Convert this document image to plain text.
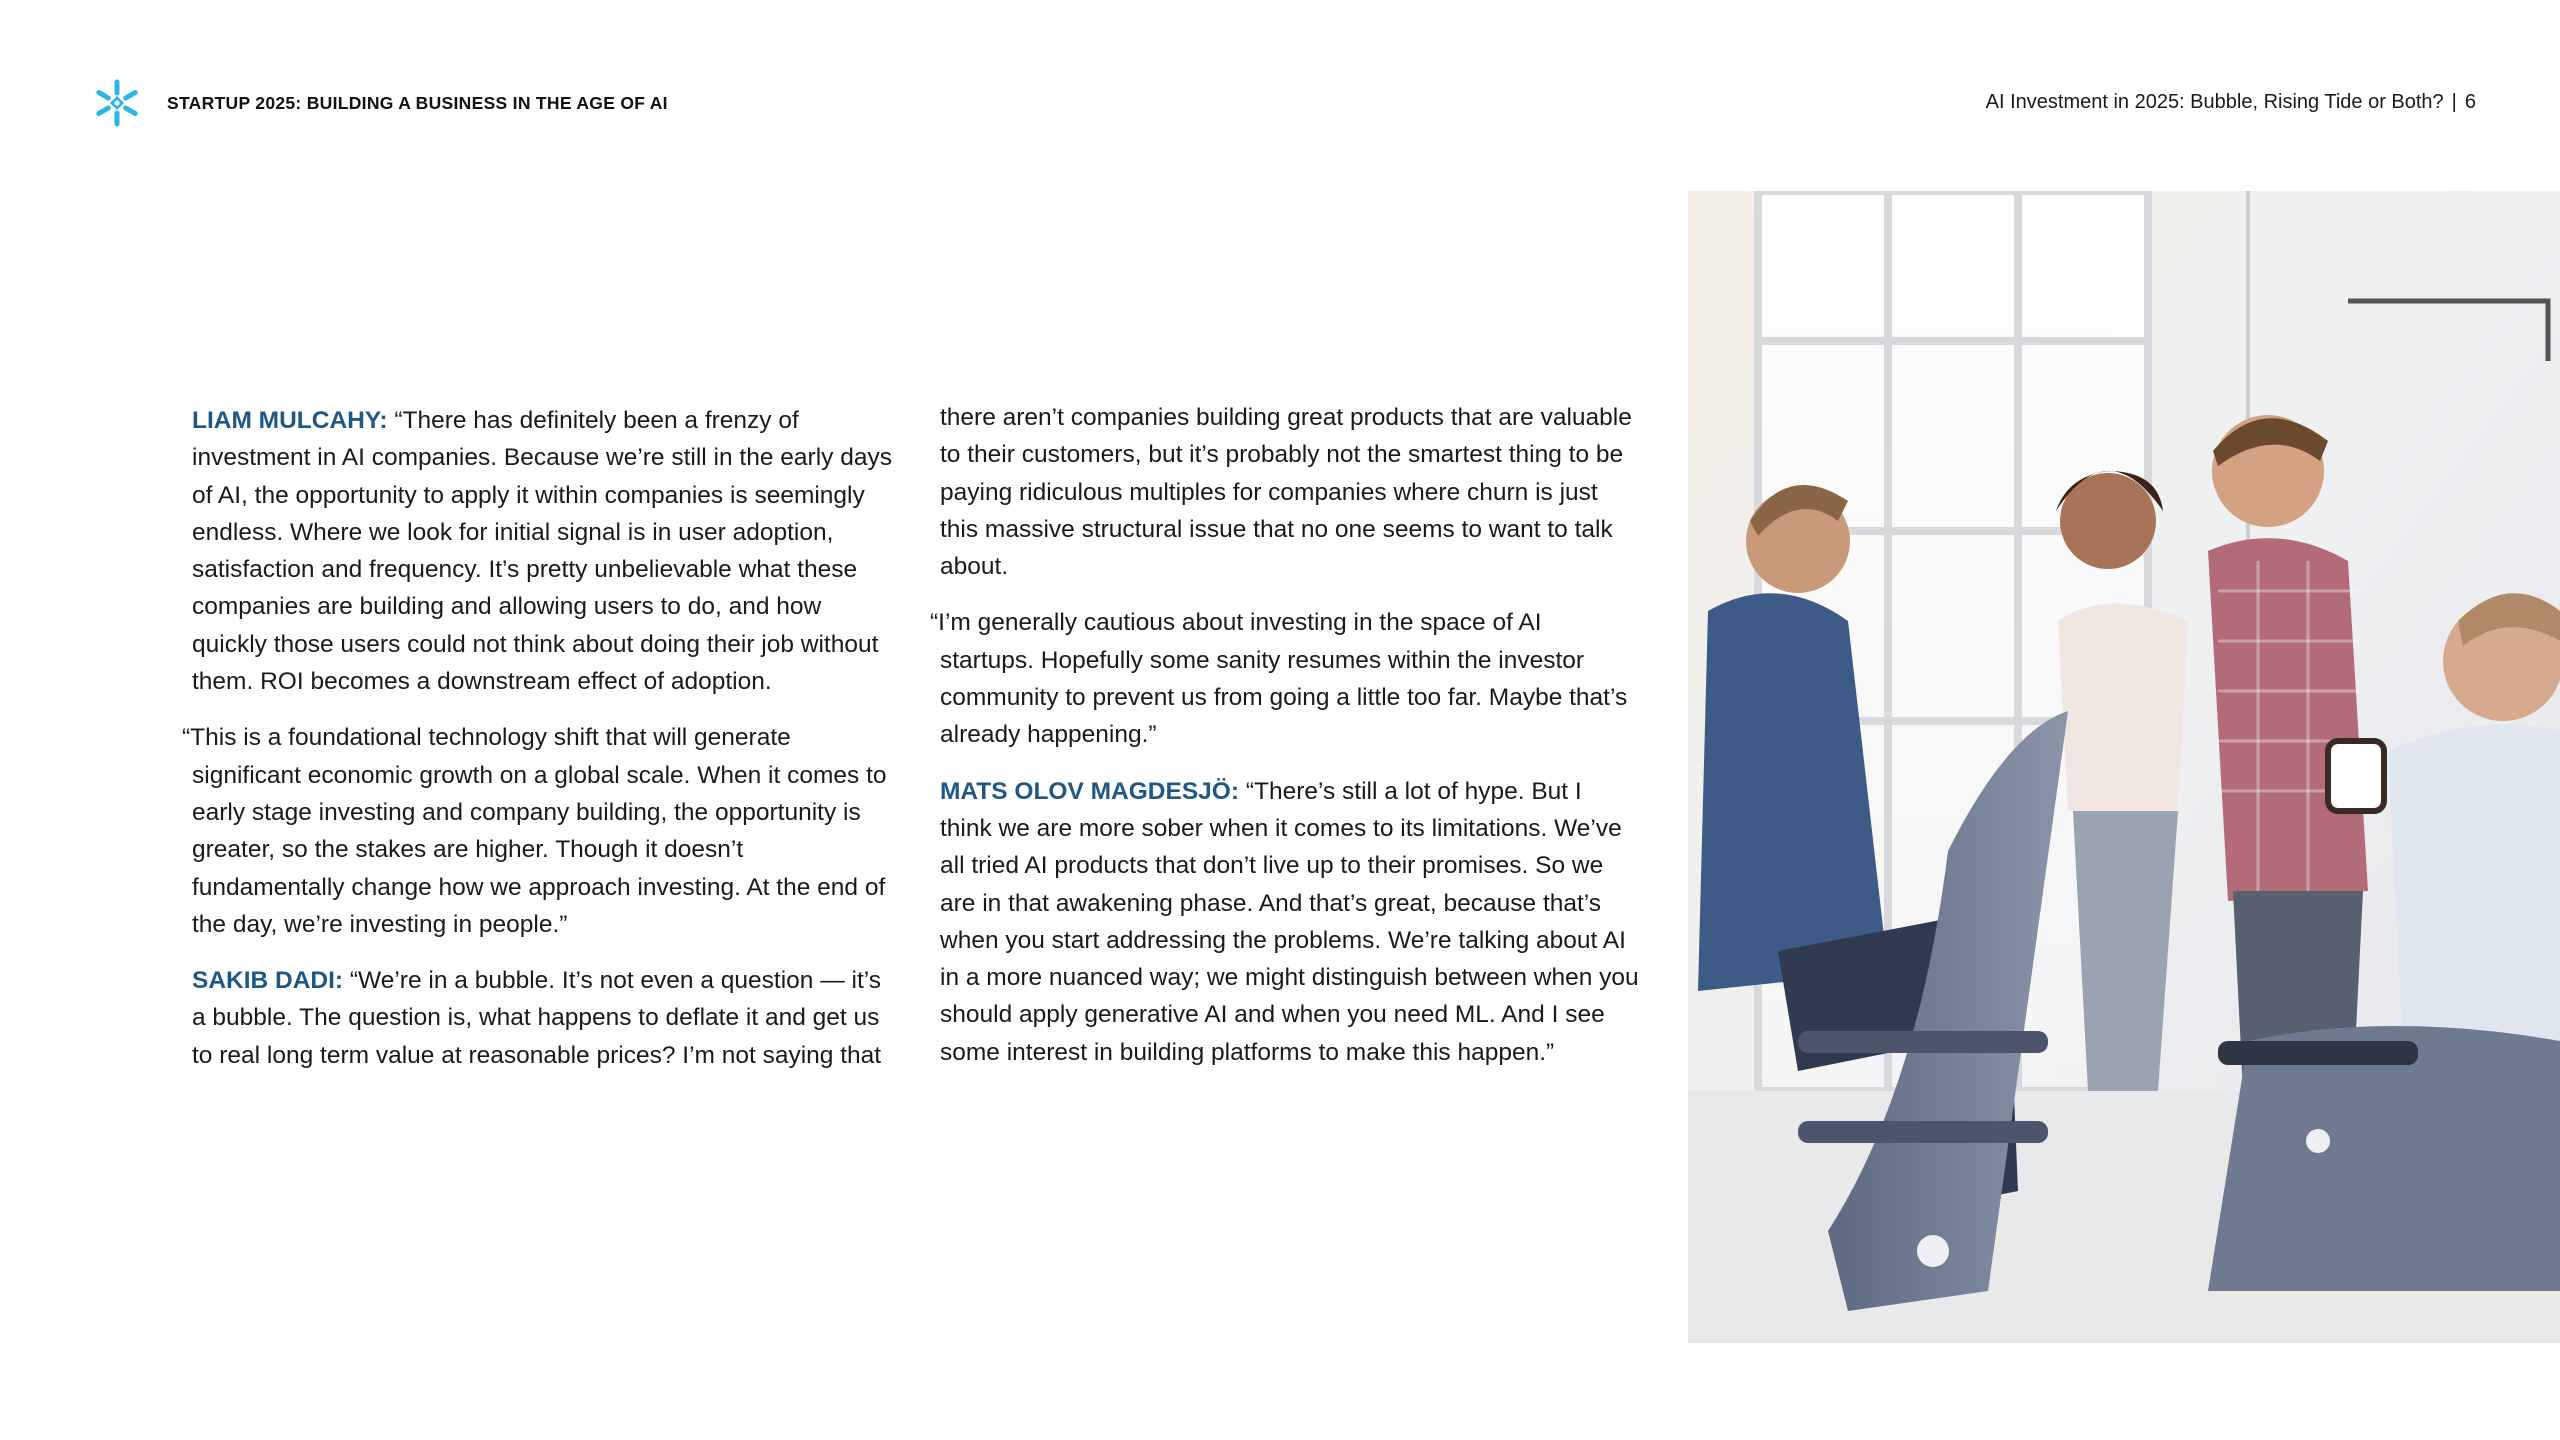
STARTUP 2025: BUILDING A BUSINESS IN THE AGE OF AI	AI Investment in 2025: Bubble, Rising Tide or Both? | 6

LIAM MULCAHY: “There has definitely been a frenzy of investment in AI companies. Because we’re still in the early days of AI, the opportunity to apply it within companies is seemingly endless. Where we look for initial signal is in user adoption, satisfaction and frequency. It’s pretty unbelievable what these companies are building and allowing users to do, and how quickly those users could not think about doing their job without them. ROI becomes a downstream effect of adoption.

“This is a foundational technology shift that will generate significant economic growth on a global scale. When it comes to early stage investing and company building, the opportunity is greater, so the stakes are higher. Though it doesn’t fundamentally change how we approach investing. At the end of the day, we’re investing in people.”

SAKIB DADI: “We’re in a bubble. It’s not even a question — it’s a bubble. The question is, what happens to deflate it and get us to real long term value at reasonable prices? I’m not saying that

there aren’t companies building great products that are valuable to their customers, but it’s probably not the smartest thing to be paying ridiculous multiples for companies where churn is just this massive structural issue that no one seems to want to talk about.

“I’m generally cautious about investing in the space of AI startups. Hopefully some sanity resumes within the investor community to prevent us from going a little too far. Maybe that’s already happening.”

MATS OLOV MAGDESJÖ: “There’s still a lot of hype. But I think we are more sober when it comes to its limitations. We’ve all tried AI products that don’t live up to their promises. So we are in that awakening phase. And that’s great, because that’s when you start addressing the problems. We’re talking about AI in a more nuanced way; we might distinguish between when you should apply generative AI and when you need ML. And I see some interest in building platforms to make this happen.”
